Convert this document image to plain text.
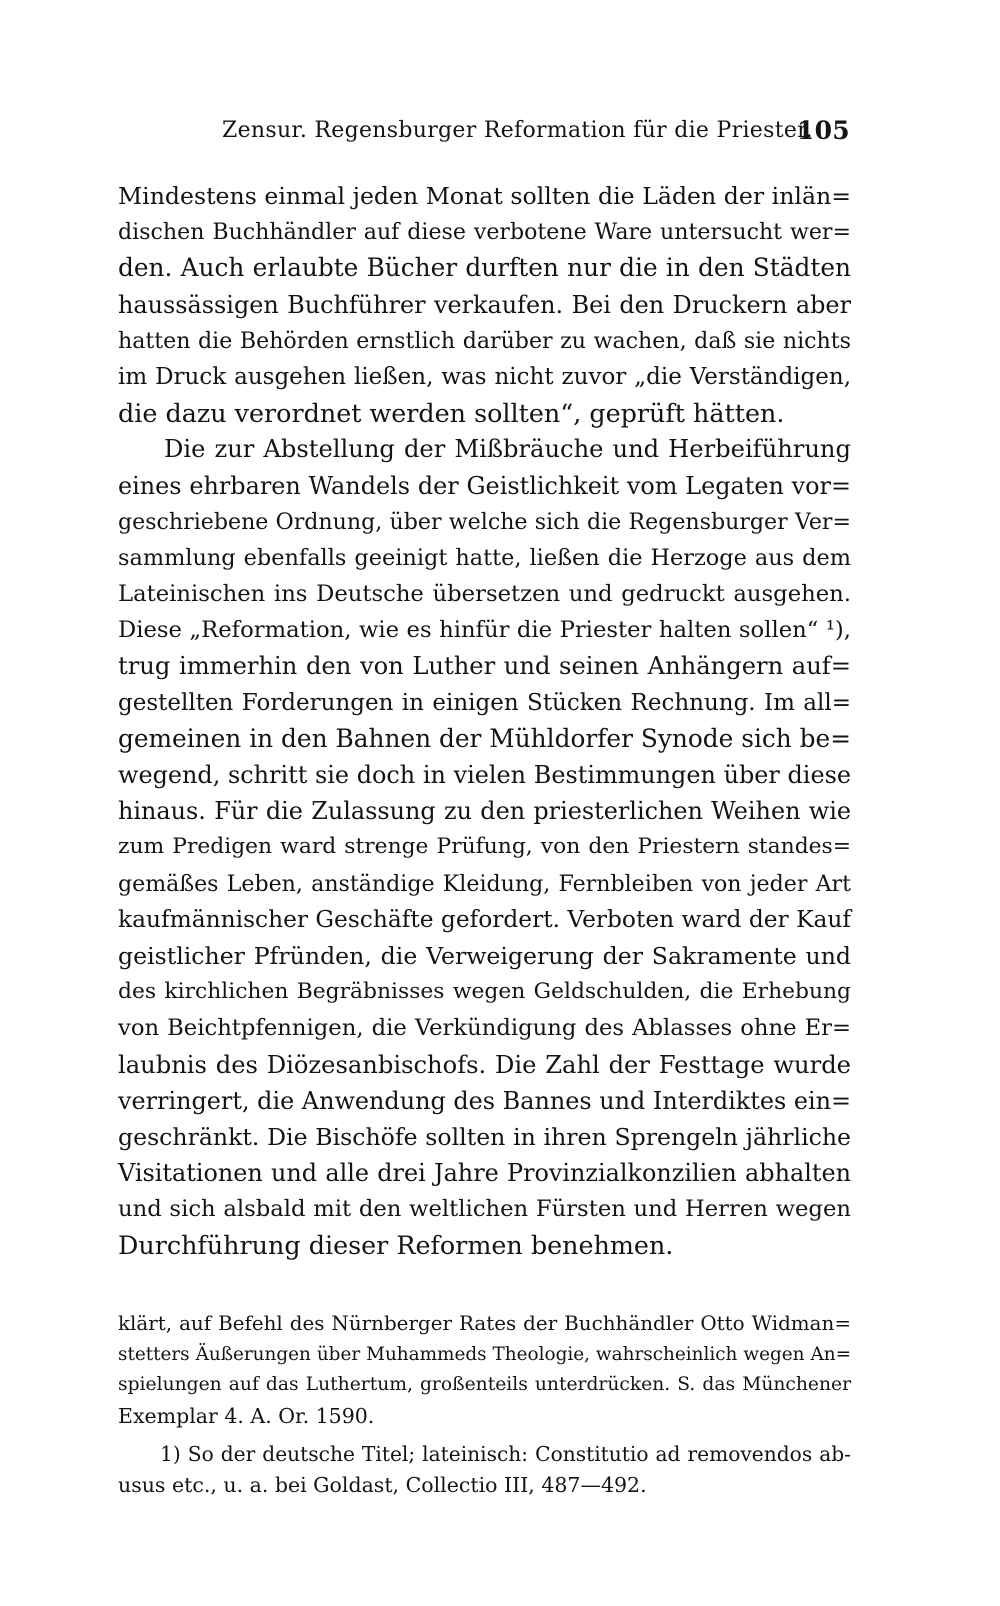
Zensur. Regensburger Reformation für die Priester.
105
Mindestens einmal jeden Monat sollten die Läden der inlän=
dischen Buchhändler auf diese verbotene Ware untersucht wer=
den. Auch erlaubte Bücher durften nur die in den Städten
haussässigen Buchführer verkaufen. Bei den Druckern aber
hatten die Behörden ernstlich darüber zu wachen, daß sie nichts
im Druck ausgehen ließen, was nicht zuvor „die Verständigen,
die dazu verordnet werden sollten“, geprüft hätten.
Die zur Abstellung der Mißbräuche und Herbeiführung
eines ehrbaren Wandels der Geistlichkeit vom Legaten vor=
geschriebene Ordnung, über welche sich die Regensburger Ver=
sammlung ebenfalls geeinigt hatte, ließen die Herzoge aus dem
Lateinischen ins Deutsche übersetzen und gedruckt ausgehen.
Diese „Reformation, wie es hinfür die Priester halten sollen“ ¹),
trug immerhin den von Luther und seinen Anhängern auf=
gestellten Forderungen in einigen Stücken Rechnung. Im all=
gemeinen in den Bahnen der Mühldorfer Synode sich be=
wegend, schritt sie doch in vielen Bestimmungen über diese
hinaus. Für die Zulassung zu den priesterlichen Weihen wie
zum Predigen ward strenge Prüfung, von den Priestern standes=
gemäßes Leben, anständige Kleidung, Fernbleiben von jeder Art
kaufmännischer Geschäfte gefordert. Verboten ward der Kauf
geistlicher Pfründen, die Verweigerung der Sakramente und
des kirchlichen Begräbnisses wegen Geldschulden, die Erhebung
von Beichtpfennigen, die Verkündigung des Ablasses ohne Er=
laubnis des Diözesanbischofs. Die Zahl der Festtage wurde
verringert, die Anwendung des Bannes und Interdiktes ein=
geschränkt. Die Bischöfe sollten in ihren Sprengeln jährliche
Visitationen und alle drei Jahre Provinzialkonzilien abhalten
und sich alsbald mit den weltlichen Fürsten und Herren wegen
Durchführung dieser Reformen benehmen.
klärt, auf Befehl des Nürnberger Rates der Buchhändler Otto Widman=
stetters Äußerungen über Muhammeds Theologie, wahrscheinlich wegen An=
spielungen auf das Luthertum, großenteils unterdrücken. S. das Münchener
Exemplar 4. A. Or. 1590.
1) So der deutsche Titel; lateinisch: Constitutio ad removendos ab-
usus etc., u. a. bei Goldast, Collectio III, 487—492.
